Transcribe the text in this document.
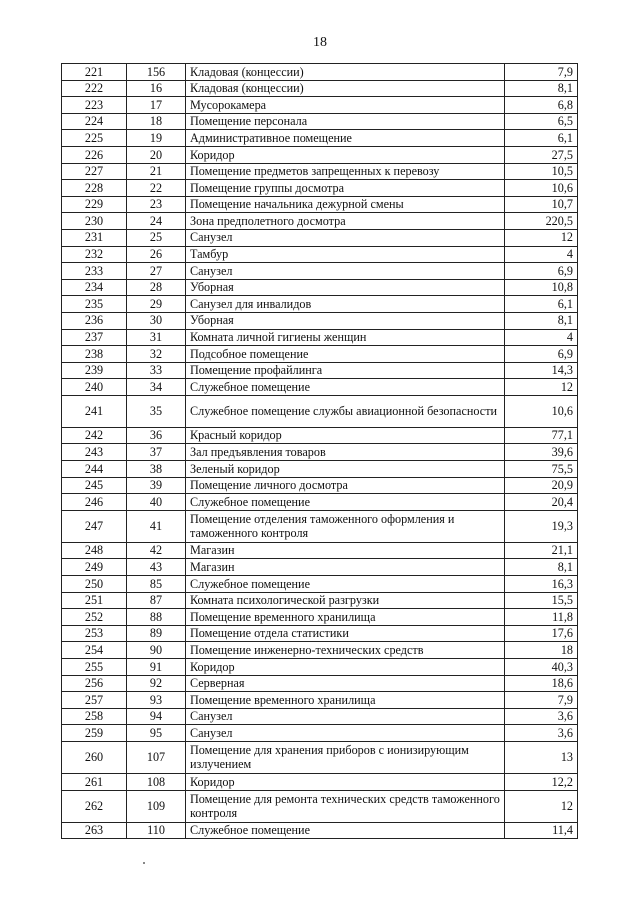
18
221	156	Кладовая (концессии)	7,9
222	16	Кладовая (концессии)	8,1
223	17	Мусорокамера	6,8
224	18	Помещение персонала	6,5
225	19	Административное помещение	6,1
226	20	Коридор	27,5
227	21	Помещение предметов запрещенных к перевозу	10,5
228	22	Помещение группы досмотра	10,6
229	23	Помещение начальника дежурной смены	10,7
230	24	Зона предполетного досмотра	220,5
231	25	Санузел	12
232	26	Тамбур	4
233	27	Санузел	6,9
234	28	Уборная	10,8
235	29	Санузел для инвалидов	6,1
236	30	Уборная	8,1
237	31	Комната личной гигиены женщин	4
238	32	Подсобное помещение	6,9
239	33	Помещение профайлинга	14,3
240	34	Служебное помещение	12
241	35	Служебное помещение службы авиационной безопасности	10,6
242	36	Красный коридор	77,1
243	37	Зал предъявления товаров	39,6
244	38	Зеленый коридор	75,5
245	39	Помещение личного досмотра	20,9
246	40	Служебное помещение	20,4
247	41	Помещение отделения таможенного оформления и таможенного контроля	19,3
248	42	Магазин	21,1
249	43	Магазин	8,1
250	85	Служебное помещение	16,3
251	87	Комната психологической разгрузки	15,5
252	88	Помещение временного хранилища	11,8
253	89	Помещение отдела статистики	17,6
254	90	Помещение инженерно-технических средств	18
255	91	Коридор	40,3
256	92	Серверная	18,6
257	93	Помещение временного хранилища	7,9
258	94	Санузел	3,6
259	95	Санузел	3,6
260	107	Помещение для хранения приборов с ионизирующим излучением	13
261	108	Коридор	12,2
262	109	Помещение для ремонта технических средств таможенного контроля	12
263	110	Служебное помещение	11,4
